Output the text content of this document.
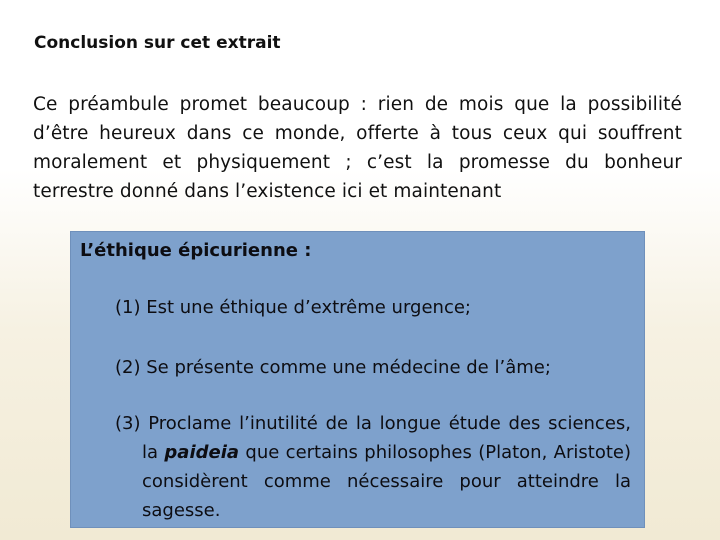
Conclusion sur cet extrait

Ce préambule promet beaucoup : rien de mois que la possibilité d’être heureux dans ce monde, offerte à tous ceux qui souffrent moralement et physiquement ; c’est la promesse du bonheur terrestre donné dans l’existence ici et maintenant

L’éthique épicurienne :

(1) Est une éthique d’extrême urgence;

(2) Se présente comme une médecine de l’âme;

(3) Proclame l’inutilité de la longue étude des sciences, la paideia que certains philosophes (Platon, Aristote) considèrent comme nécessaire pour atteindre la sagesse.
